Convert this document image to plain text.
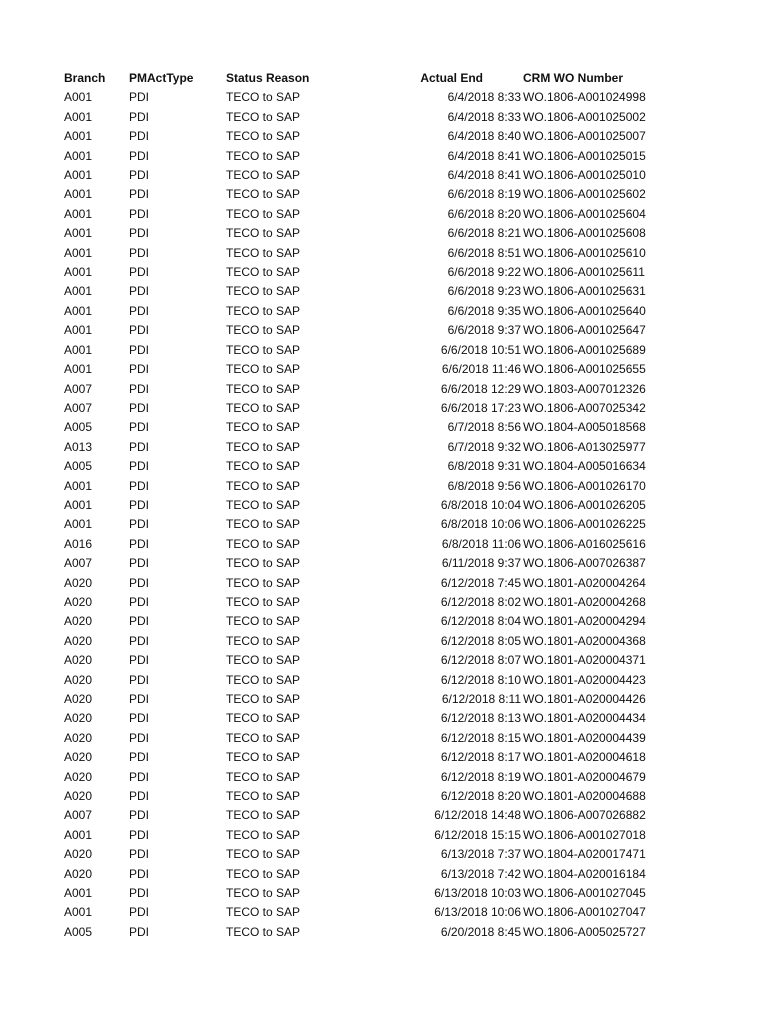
Branch	PMActType	Status Reason	Actual End	CRM WO Number
A001	PDI	TECO to SAP	6/4/2018 8:33	WO.1806-A001024998
A001	PDI	TECO to SAP	6/4/2018 8:33	WO.1806-A001025002
A001	PDI	TECO to SAP	6/4/2018 8:40	WO.1806-A001025007
A001	PDI	TECO to SAP	6/4/2018 8:41	WO.1806-A001025015
A001	PDI	TECO to SAP	6/4/2018 8:41	WO.1806-A001025010
A001	PDI	TECO to SAP	6/6/2018 8:19	WO.1806-A001025602
A001	PDI	TECO to SAP	6/6/2018 8:20	WO.1806-A001025604
A001	PDI	TECO to SAP	6/6/2018 8:21	WO.1806-A001025608
A001	PDI	TECO to SAP	6/6/2018 8:51	WO.1806-A001025610
A001	PDI	TECO to SAP	6/6/2018 9:22	WO.1806-A001025611
A001	PDI	TECO to SAP	6/6/2018 9:23	WO.1806-A001025631
A001	PDI	TECO to SAP	6/6/2018 9:35	WO.1806-A001025640
A001	PDI	TECO to SAP	6/6/2018 9:37	WO.1806-A001025647
A001	PDI	TECO to SAP	6/6/2018 10:51	WO.1806-A001025689
A001	PDI	TECO to SAP	6/6/2018 11:46	WO.1806-A001025655
A007	PDI	TECO to SAP	6/6/2018 12:29	WO.1803-A007012326
A007	PDI	TECO to SAP	6/6/2018 17:23	WO.1806-A007025342
A005	PDI	TECO to SAP	6/7/2018 8:56	WO.1804-A005018568
A013	PDI	TECO to SAP	6/7/2018 9:32	WO.1806-A013025977
A005	PDI	TECO to SAP	6/8/2018 9:31	WO.1804-A005016634
A001	PDI	TECO to SAP	6/8/2018 9:56	WO.1806-A001026170
A001	PDI	TECO to SAP	6/8/2018 10:04	WO.1806-A001026205
A001	PDI	TECO to SAP	6/8/2018 10:06	WO.1806-A001026225
A016	PDI	TECO to SAP	6/8/2018 11:06	WO.1806-A016025616
A007	PDI	TECO to SAP	6/11/2018 9:37	WO.1806-A007026387
A020	PDI	TECO to SAP	6/12/2018 7:45	WO.1801-A020004264
A020	PDI	TECO to SAP	6/12/2018 8:02	WO.1801-A020004268
A020	PDI	TECO to SAP	6/12/2018 8:04	WO.1801-A020004294
A020	PDI	TECO to SAP	6/12/2018 8:05	WO.1801-A020004368
A020	PDI	TECO to SAP	6/12/2018 8:07	WO.1801-A020004371
A020	PDI	TECO to SAP	6/12/2018 8:10	WO.1801-A020004423
A020	PDI	TECO to SAP	6/12/2018 8:11	WO.1801-A020004426
A020	PDI	TECO to SAP	6/12/2018 8:13	WO.1801-A020004434
A020	PDI	TECO to SAP	6/12/2018 8:15	WO.1801-A020004439
A020	PDI	TECO to SAP	6/12/2018 8:17	WO.1801-A020004618
A020	PDI	TECO to SAP	6/12/2018 8:19	WO.1801-A020004679
A020	PDI	TECO to SAP	6/12/2018 8:20	WO.1801-A020004688
A007	PDI	TECO to SAP	6/12/2018 14:48	WO.1806-A007026882
A001	PDI	TECO to SAP	6/12/2018 15:15	WO.1806-A001027018
A020	PDI	TECO to SAP	6/13/2018 7:37	WO.1804-A020017471
A020	PDI	TECO to SAP	6/13/2018 7:42	WO.1804-A020016184
A001	PDI	TECO to SAP	6/13/2018 10:03	WO.1806-A001027045
A001	PDI	TECO to SAP	6/13/2018 10:06	WO.1806-A001027047
A005	PDI	TECO to SAP	6/20/2018 8:45	WO.1806-A005025727
